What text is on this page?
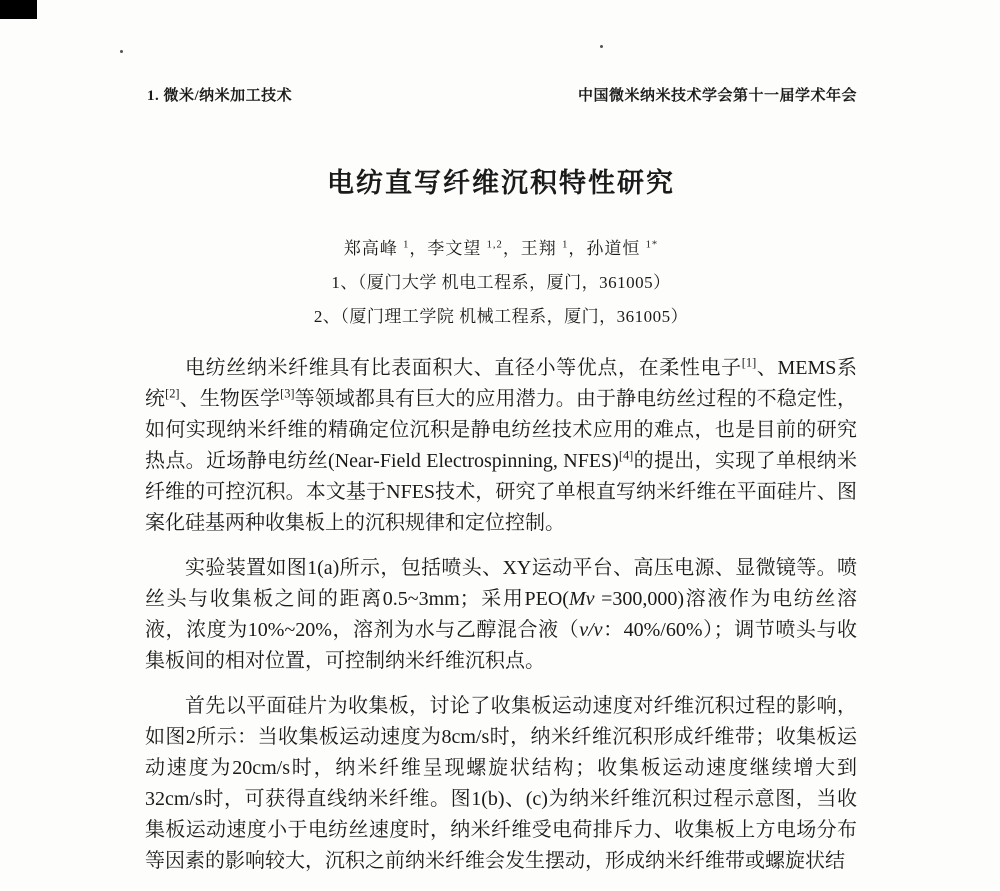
1. 微米/纳米加工技术	中国微米纳米技术学会第十一届学术年会
电纺直写纤维沉积特性研究
郑高峰 $^1$，李文望 $^{1,2}$，王翔 $^1$，孙道恒 $^{1*}$
1、（厦门大学 机电工程系，厦门，361005）
2、（厦门理工学院 机械工程系，厦门，361005）

电纺丝纳米纤维具有比表面积大、直径小等优点，在柔性电子[1]、MEMS系统[2]、生物医学[3]等领域都具有巨大的应用潜力。由于静电纺丝过程的不稳定性，如何实现纳米纤维的精确定位沉积是静电纺丝技术应用的难点，也是目前的研究热点。近场静电纺丝(Near-Field Electrospinning, NFES)[4]的提出，实现了单根纳米纤维的可控沉积。本文基于NFES技术，研究了单根直写纳米纤维在平面硅片、图案化硅基两种收集板上的沉积规律和定位控制。

实验装置如图1(a)所示，包括喷头、XY运动平台、高压电源、显微镜等。喷丝头与收集板之间的距离0.5~3mm；采用PEO(Mv =300,000)溶液作为电纺丝溶液，浓度为10%~20%，溶剂为水与乙醇混合液（v/v：40%/60%）；调节喷头与收集板间的相对位置，可控制纳米纤维沉积点。

首先以平面硅片为收集板，讨论了收集板运动速度对纤维沉积过程的影响，如图2所示：当收集板运动速度为8cm/s时，纳米纤维沉积形成纤维带；收集板运动速度为20cm/s时，纳米纤维呈现螺旋状结构；收集板运动速度继续增大到32cm/s时，可获得直线纳米纤维。图1(b)、(c)为纳米纤维沉积过程示意图，当收集板运动速度小于电纺丝速度时，纳米纤维受电荷排斥力、收集板上方电场分布等因素的影响较大，沉积之前纳米纤维会发生摆动，形成纳米纤维带或螺旋状结
